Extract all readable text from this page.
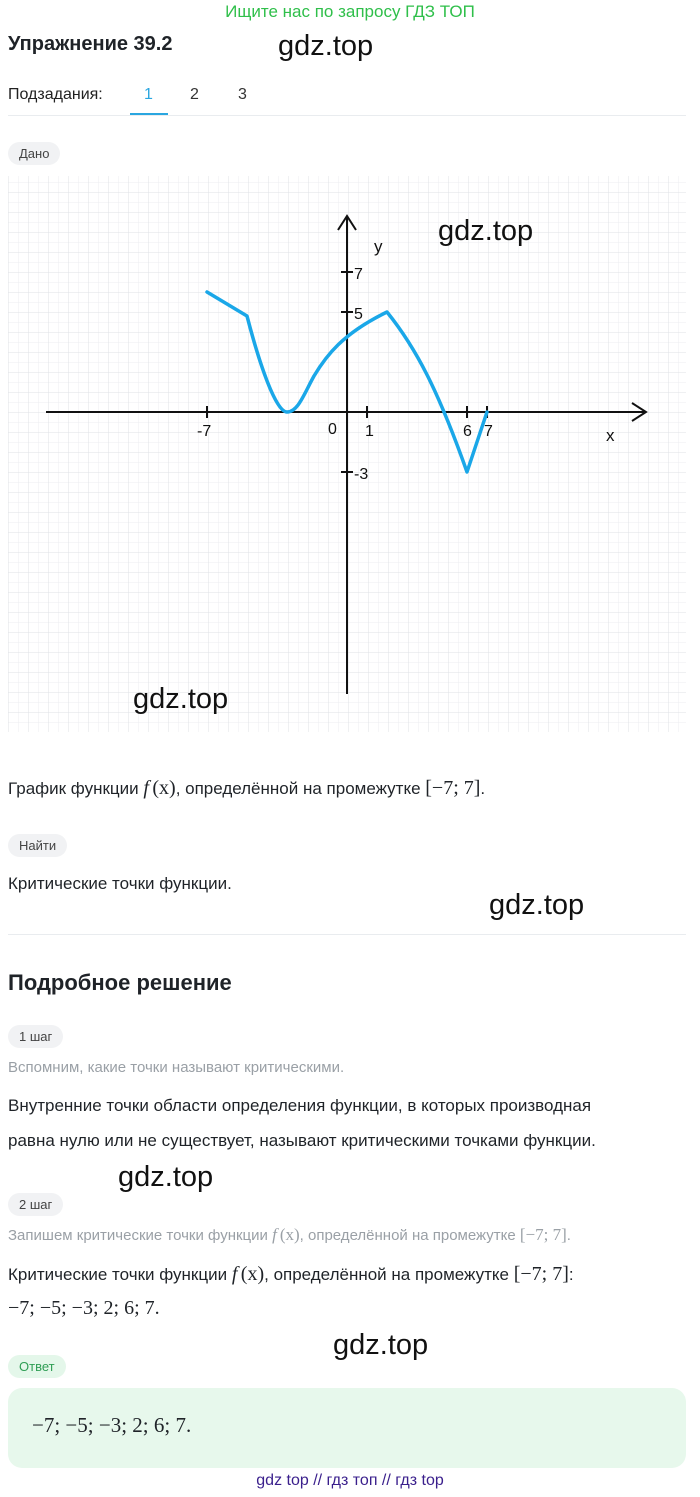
Ищите нас по запросу ГДЗ ТОП
Упражнение 39.2	gdz.top
Подзадания:	1 2 3
Дано
y
x
0
-7	1	6 7
7
5
-3
gdz.top
gdz.top
График функции f  (x), определённой на промежутке [−7; 7].
Найти
Критические точки функции.
gdz.top
Подробное решение
1 шаг
Вспомним, какие точки называют критическими.
Внутренние точки области определения функции, в которых производная
равна нулю или не существует, называют критическими точками функции.
gdz.top
2 шаг
Запишем критические точки функции f  (x), определённой на промежутке [−7; 7].
Критические точки функции f  (x), определённой на промежутке [−7; 7]:
−7; −5; −3; 2; 6; 7.
gdz.top
Ответ
−7; −5; −3; 2; 6; 7.
gdz top // гдз топ // гдз top
